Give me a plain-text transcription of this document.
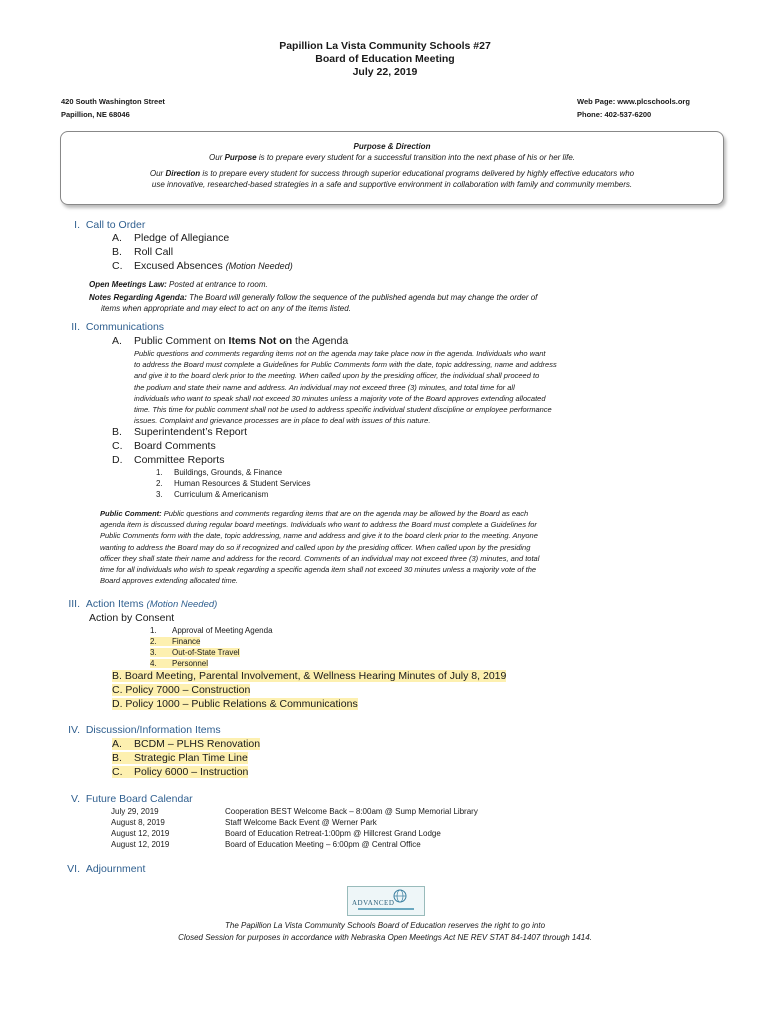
Papillion La Vista Community Schools #27
Board of Education Meeting
July 22, 2019
420 South Washington Street
Papillion, NE 68046
Web Page: www.plcschools.org
Phone: 402-537-6200
Purpose & Direction
Our Purpose is to prepare every student for a successful transition into the next phase of his or her life.
Our Direction is to prepare every student for success through superior educational programs delivered by highly effective educators who
use innovative, researched-based strategies in a safe and supportive environment in collaboration with family and community members.
I. Call to Order
A. Pledge of Allegiance
B. Roll Call
C. Excused Absences (Motion Needed)
Open Meetings Law: Posted at entrance to room.
Notes Regarding Agenda: The Board will generally follow the sequence of the published agenda but may change the order of
items when appropriate and may elect to act on any of the items listed.
II. Communications
A. Public Comment on Items Not on the Agenda
Public questions and comments regarding items not on the agenda may take place now in the agenda. Individuals who want
to address the Board must complete a Guidelines for Public Comments form with the date, topic addressing, name and address
and give it to the board clerk prior to the meeting. When called upon by the presiding officer, the individual shall proceed to
the podium and state their name and address. An individual may not exceed three (3) minutes, and total time for all
individuals who want to speak shall not exceed 30 minutes unless a majority vote of the Board approves extending allocated
time. This time for public comment shall not be used to address specific individual student discipline or employee performance
issues. Complaint and grievance processes are in place to deal with issues of this nature.
B. Superintendent’s Report
C. Board Comments
D. Committee Reports
1. Buildings, Grounds, & Finance
2. Human Resources & Student Services
3. Curriculum & Americanism
Public Comment: Public questions and comments regarding items that are on the agenda may be allowed by the Board as each
agenda item is discussed during regular board meetings. Individuals who want to address the Board must complete a Guidelines for
Public Comments form with the date, topic addressing, name and address and give it to the board clerk prior to the meeting. Anyone
wanting to address the Board may do so if recognized and called upon by the presiding officer. When called upon by the presiding
officer they shall state their name and address for the record. Comments of an individual may not exceed three (3) minutes, and total
time for all individuals who wish to speak regarding a specific agenda item shall not exceed 30 minutes unless a majority vote of the
Board approves extending allocated time.
III. Action Items (Motion Needed)
Action by Consent
1. Approval of Meeting Agenda
2. Finance
3. Out-of-State Travel
4. Personnel
B. Board Meeting, Parental Involvement, & Wellness Hearing Minutes of July 8, 2019
C. Policy 7000 – Construction
D. Policy 1000 – Public Relations & Communications
IV. Discussion/Information Items
A. BCDM – PLHS Renovation
B. Strategic Plan Time Line
C. Policy 6000 – Instruction
V. Future Board Calendar
July 29, 2019	Cooperation BEST Welcome Back – 8:00am @ Sump Memorial Library
August 8, 2019	Staff Welcome Back Event @ Werner Park
August 12, 2019	Board of Education Retreat-1:00pm @ Hillcrest Grand Lodge
August 12, 2019	Board of Education Meeting – 6:00pm @ Central Office
VI. Adjournment
ADVANCED
The Papillion La Vista Community Schools Board of Education reserves the right to go into
Closed Session for purposes in accordance with Nebraska Open Meetings Act NE REV STAT 84-1407 through 1414.
